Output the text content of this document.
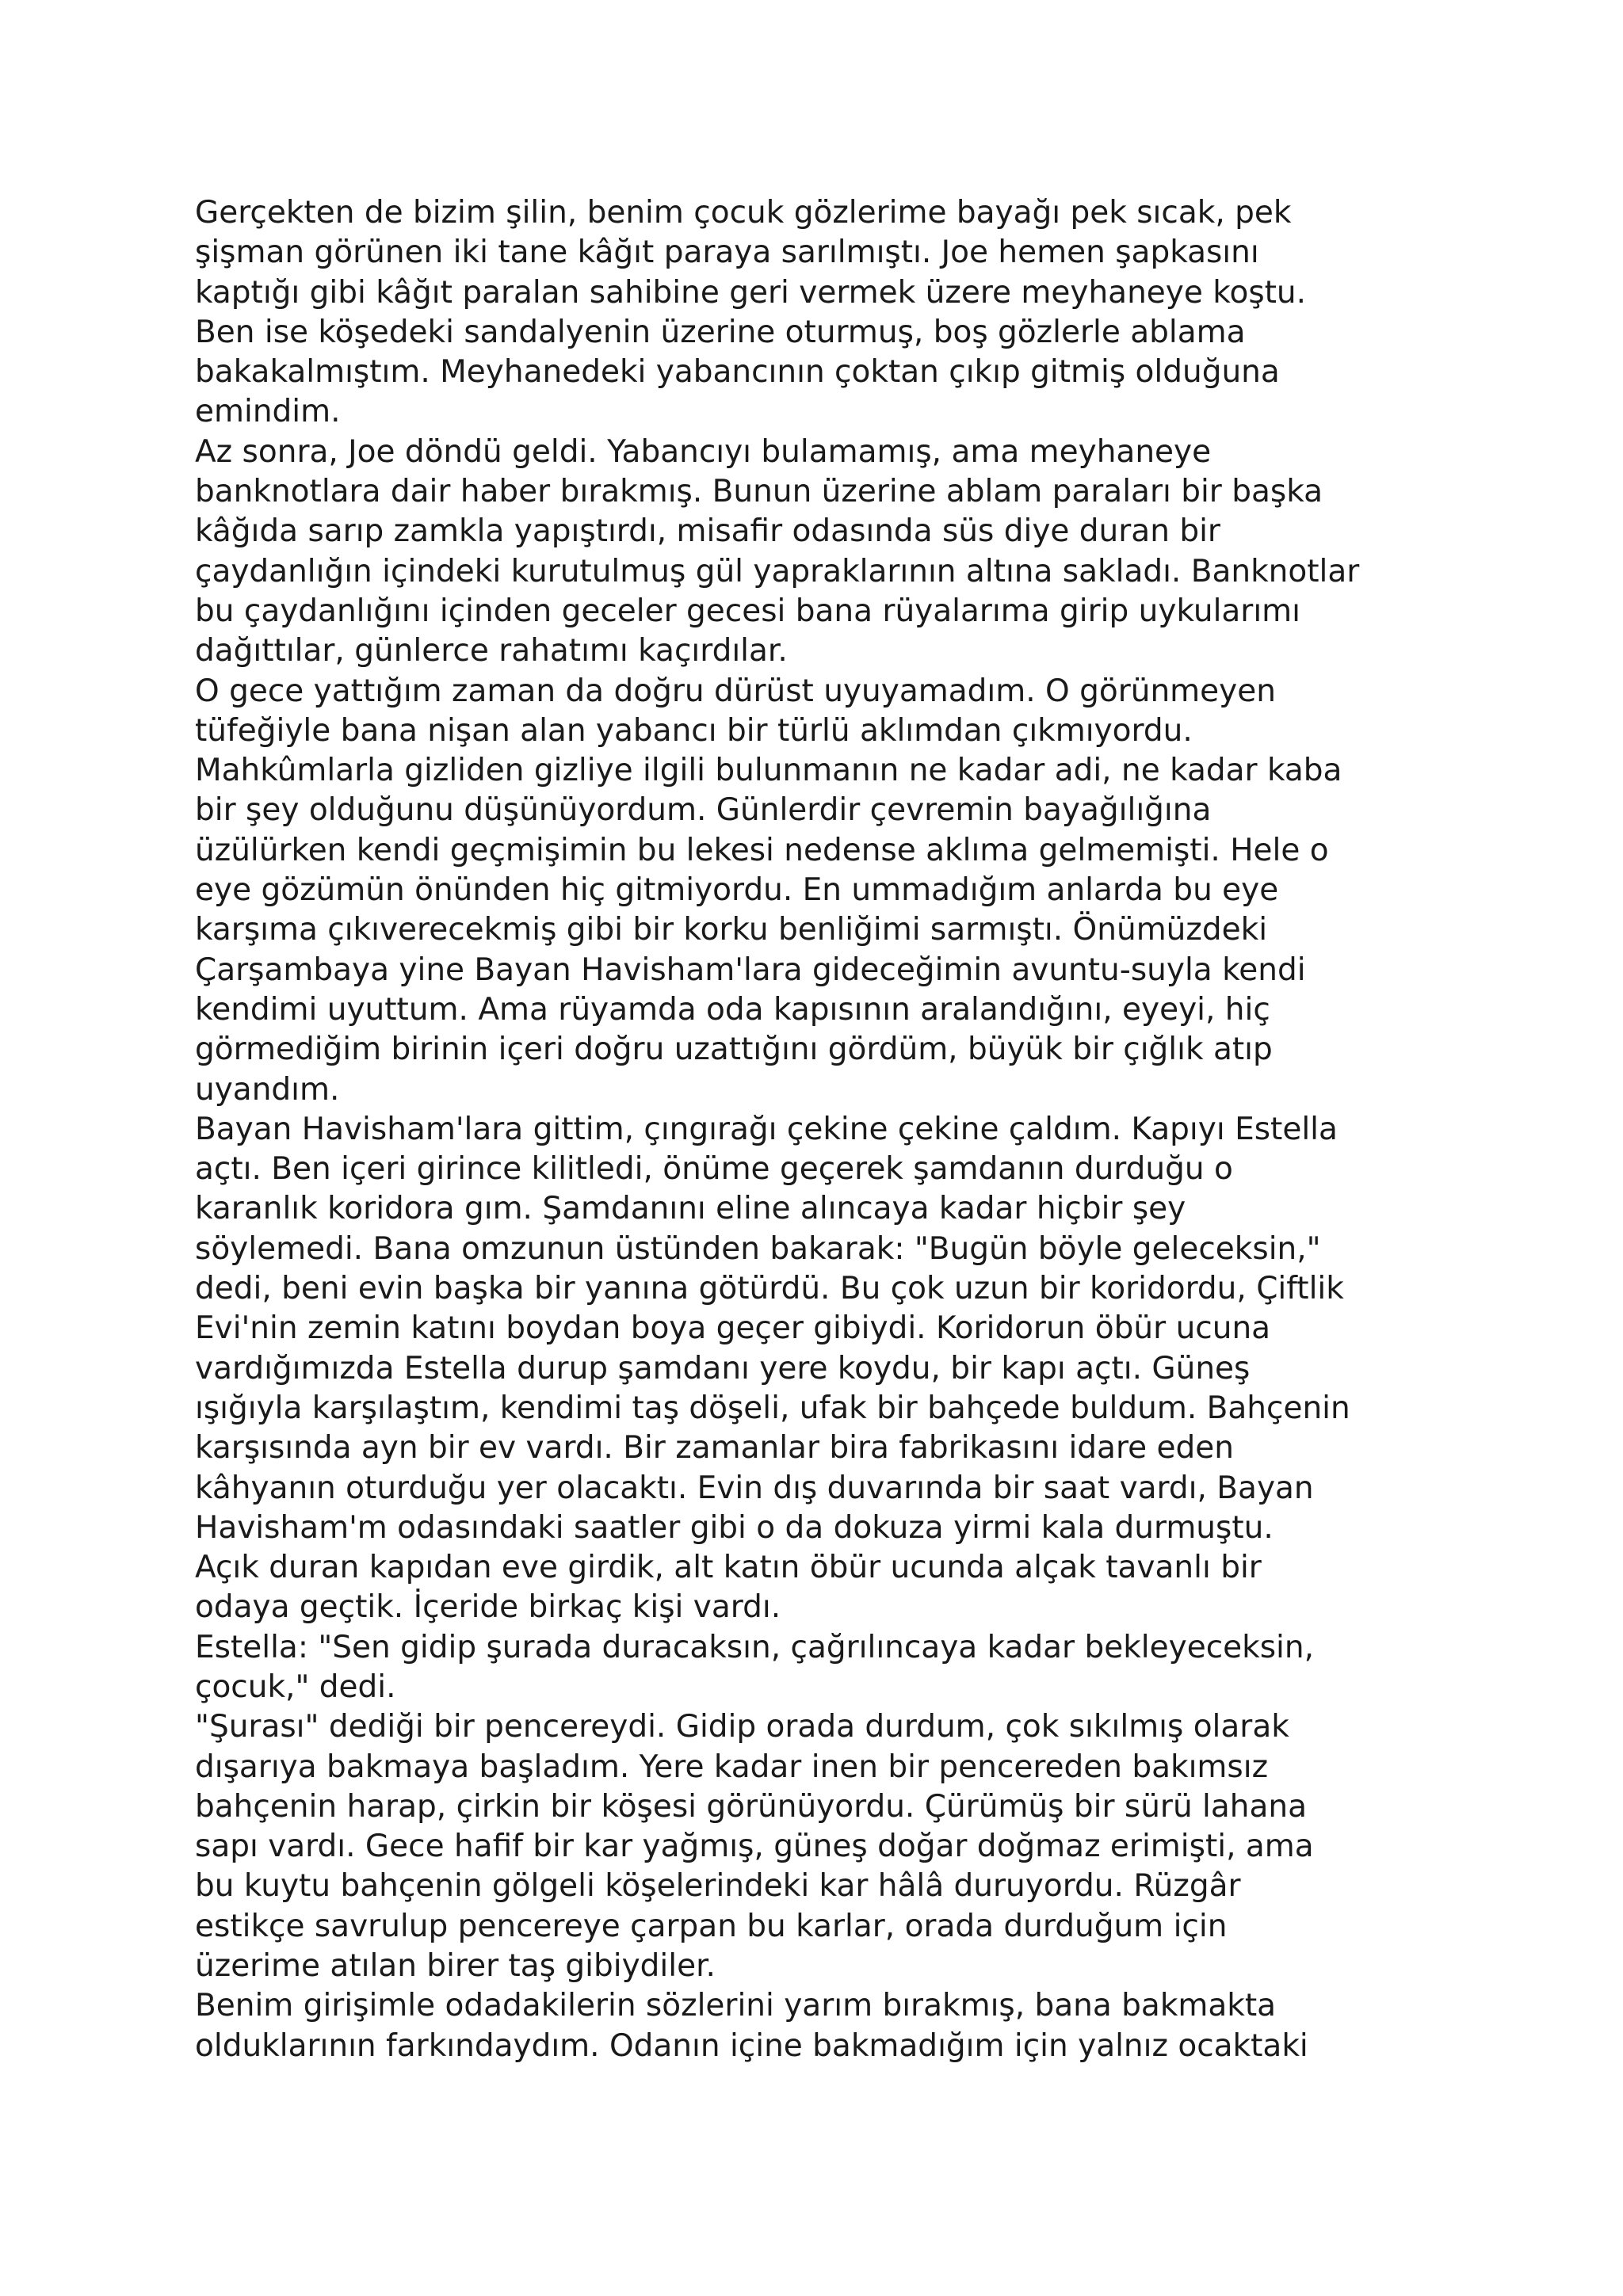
Gerçekten de bizim şilin, benim çocuk gözlerime bayağı pek sıcak, pek
şişman görünen iki tane kâğıt paraya sarılmıştı. Joe hemen şapkasını
kaptığı gibi kâğıt paralan sahibine geri vermek üzere meyhaneye koştu.
Ben ise köşedeki sandalyenin üzerine oturmuş, boş gözlerle ablama
bakakalmıştım. Meyhanedeki yabancının çoktan çıkıp gitmiş olduğuna
emindim.
Az sonra, Joe döndü geldi. Yabancıyı bulamamış, ama meyhaneye
banknotlara dair haber bırakmış. Bunun üzerine ablam paraları bir başka
kâğıda sarıp zamkla yapıştırdı, misafir odasında süs diye duran bir
çaydanlığın içindeki kurutulmuş gül yapraklarının altına sakladı. Banknotlar
bu çaydanlığını içinden geceler gecesi bana rüyalarıma girip uykularımı
dağıttılar, günlerce rahatımı kaçırdılar.
O gece yattığım zaman da doğru dürüst uyuyamadım. O görünmeyen
tüfeğiyle bana nişan alan yabancı bir türlü aklımdan çıkmıyordu.
Mahkûmlarla gizliden gizliye ilgili bulunmanın ne kadar adi, ne kadar kaba
bir şey olduğunu düşünüyordum. Günlerdir çevremin bayağılığına
üzülürken kendi geçmişimin bu lekesi nedense aklıma gelmemişti. Hele o
eye gözümün önünden hiç gitmiyordu. En ummadığım anlarda bu eye
karşıma çıkıverecekmiş gibi bir korku benliğimi sarmıştı. Önümüzdeki
Çarşambaya yine Bayan Havisham'lara gideceğimin avuntu-suyla kendi
kendimi uyuttum. Ama rüyamda oda kapısının aralandığını, eyeyi, hiç
görmediğim birinin içeri doğru uzattığını gördüm, büyük bir çığlık atıp
uyandım.
Bayan Havisham'lara gittim, çıngırağı çekine çekine çaldım. Kapıyı Estella
açtı. Ben içeri girince kilitledi, önüme geçerek şamdanın durduğu o
karanlık koridora gım. Şamdanını eline alıncaya kadar hiçbir şey
söylemedi. Bana omzunun üstünden bakarak: "Bugün böyle geleceksin,"
dedi, beni evin başka bir yanına götürdü. Bu çok uzun bir koridordu, Çiftlik
Evi'nin zemin katını boydan boya geçer gibiydi. Koridorun öbür ucuna
vardığımızda Estella durup şamdanı yere koydu, bir kapı açtı. Güneş
ışığıyla karşılaştım, kendimi taş döşeli, ufak bir bahçede buldum. Bahçenin
karşısında ayn bir ev vardı. Bir zamanlar bira fabrikasını idare eden
kâhyanın oturduğu yer olacaktı. Evin dış duvarında bir saat vardı, Bayan
Havisham'm odasındaki saatler gibi o da dokuza yirmi kala durmuştu.
Açık duran kapıdan eve girdik, alt katın öbür ucunda alçak tavanlı bir
odaya geçtik. İçeride birkaç kişi vardı.
Estella: "Sen gidip şurada duracaksın, çağrılıncaya kadar bekleyeceksin,
çocuk," dedi.
"Şurası" dediği bir pencereydi. Gidip orada durdum, çok sıkılmış olarak
dışarıya bakmaya başladım. Yere kadar inen bir pencereden bakımsız
bahçenin harap, çirkin bir köşesi görünüyordu. Çürümüş bir sürü lahana
sapı vardı. Gece hafif bir kar yağmış, güneş doğar doğmaz erimişti, ama
bu kuytu bahçenin gölgeli köşelerindeki kar hâlâ duruyordu. Rüzgâr
estikçe savrulup pencereye çarpan bu karlar, orada durduğum için
üzerime atılan birer taş gibiydiler.
Benim girişimle odadakilerin sözlerini yarım bırakmış, bana bakmakta
olduklarının farkındaydım. Odanın içine bakmadığım için yalnız ocaktaki
